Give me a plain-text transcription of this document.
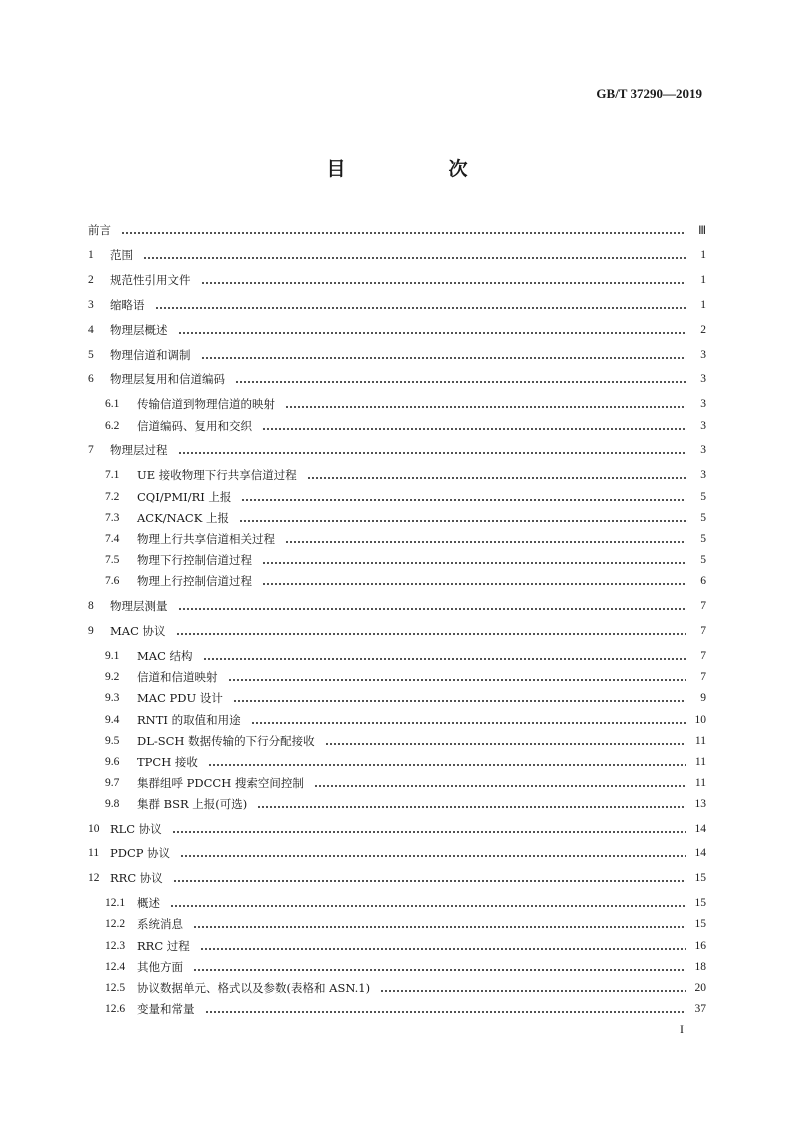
GB/T 37290—2019
目　次
前言	Ⅲ
1	范围	1
2	规范性引用文件	1
3	缩略语	1
4	物理层概述	2
5	物理信道和调制	3
6	物理层复用和信道编码	3
6.1	传输信道到物理信道的映射	3
6.2	信道编码、复用和交织	3
7	物理层过程	3
7.1	UE 接收物理下行共享信道过程	3
7.2	CQI/PMI/RI 上报	5
7.3	ACK/NACK 上报	5
7.4	物理上行共享信道相关过程	5
7.5	物理下行控制信道过程	5
7.6	物理上行控制信道过程	6
8	物理层测量	7
9	MAC 协议	7
9.1	MAC 结构	7
9.2	信道和信道映射	7
9.3	MAC PDU 设计	9
9.4	RNTI 的取值和用途	10
9.5	DL-SCH 数据传输的下行分配接收	11
9.6	TPCH 接收	11
9.7	集群组呼 PDCCH 搜索空间控制	11
9.8	集群 BSR 上报(可选)	13
10 RLC 协议	14
11 PDCP 协议	14
12 RRC 协议	15
12.1	概述	15
12.2	系统消息	15
12.3	RRC 过程	16
12.4	其他方面	18
12.5	协议数据单元、格式以及参数(表格和 ASN.1)	20
12.6	变量和常量	37
I
